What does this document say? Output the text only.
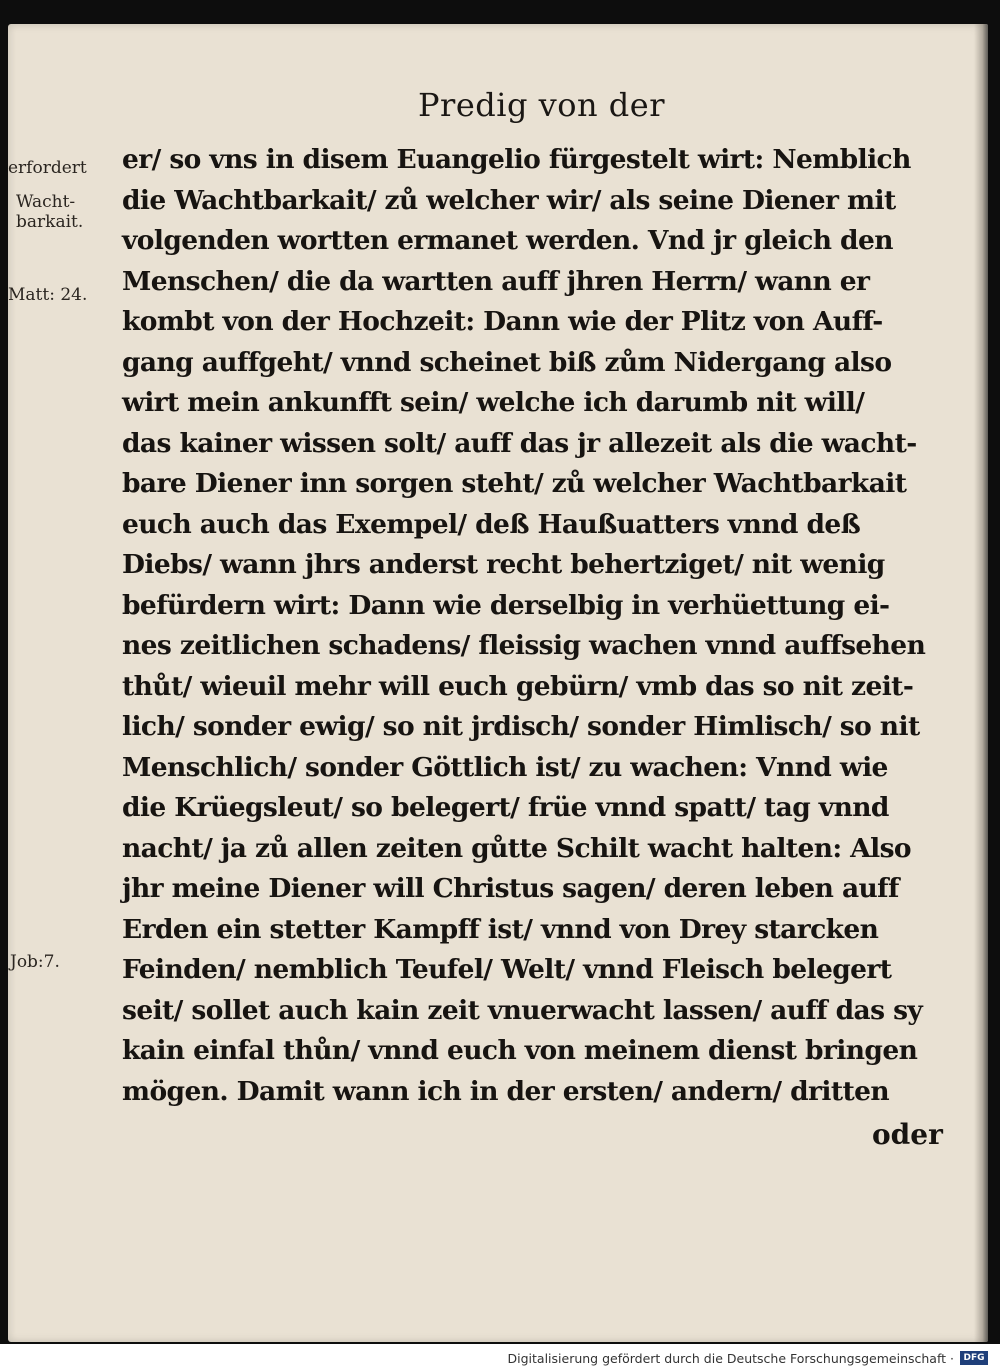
Predig von der
erfordert
Wacht-
barkait.
Matt: 24.
Job:7.
er/ so vns in disem Euangelio fürgestelt wirt: Nemblich
die Wachtbarkait/ zů welcher wir/ als seine Diener mit
volgenden wortten ermanet werden. Vnd jr gleich den
Menschen/ die da wartten auff jhren Herrn/ wann er
kombt von der Hochzeit: Dann wie der Plitz von Auff-
gang auffgeht/ vnnd scheinet biß zům Nidergang also
wirt mein ankunfft sein/ welche ich darumb nit will/
das kainer wissen solt/ auff das jr allezeit als die wacht-
bare Diener inn sorgen steht/ zů welcher Wachtbarkait
euch auch das Exempel/ deß Haußuatters vnnd deß
Diebs/ wann jhrs anderst recht behertziget/ nit wenig
befürdern wirt: Dann wie derselbig in verhüettung ei-
nes zeitlichen schadens/ fleissig wachen vnnd auffsehen
thůt/ wieuil mehr will euch gebürn/ vmb das so nit zeit-
lich/ sonder ewig/ so nit jrdisch/ sonder Himlisch/ so nit
Menschlich/ sonder Göttlich ist/ zu wachen: Vnnd wie
die Krüegsleut/ so belegert/ früe vnnd spatt/ tag vnnd
nacht/ ja zů allen zeiten gůtte Schilt wacht halten: Also
jhr meine Diener will Christus sagen/ deren leben auff
Erden ein stetter Kampff ist/ vnnd von Drey starcken
Feinden/ nemblich Teufel/ Welt/ vnnd Fleisch belegert
seit/ sollet auch kain zeit vnuerwacht lassen/ auff das sy
kain einfal thůn/ vnnd euch von meinem dienst bringen
mögen. Damit wann ich in der ersten/ andern/ dritten
oder
Digitalisierung gefördert durch die Deutsche Forschungsgemeinschaft ·	DFG
